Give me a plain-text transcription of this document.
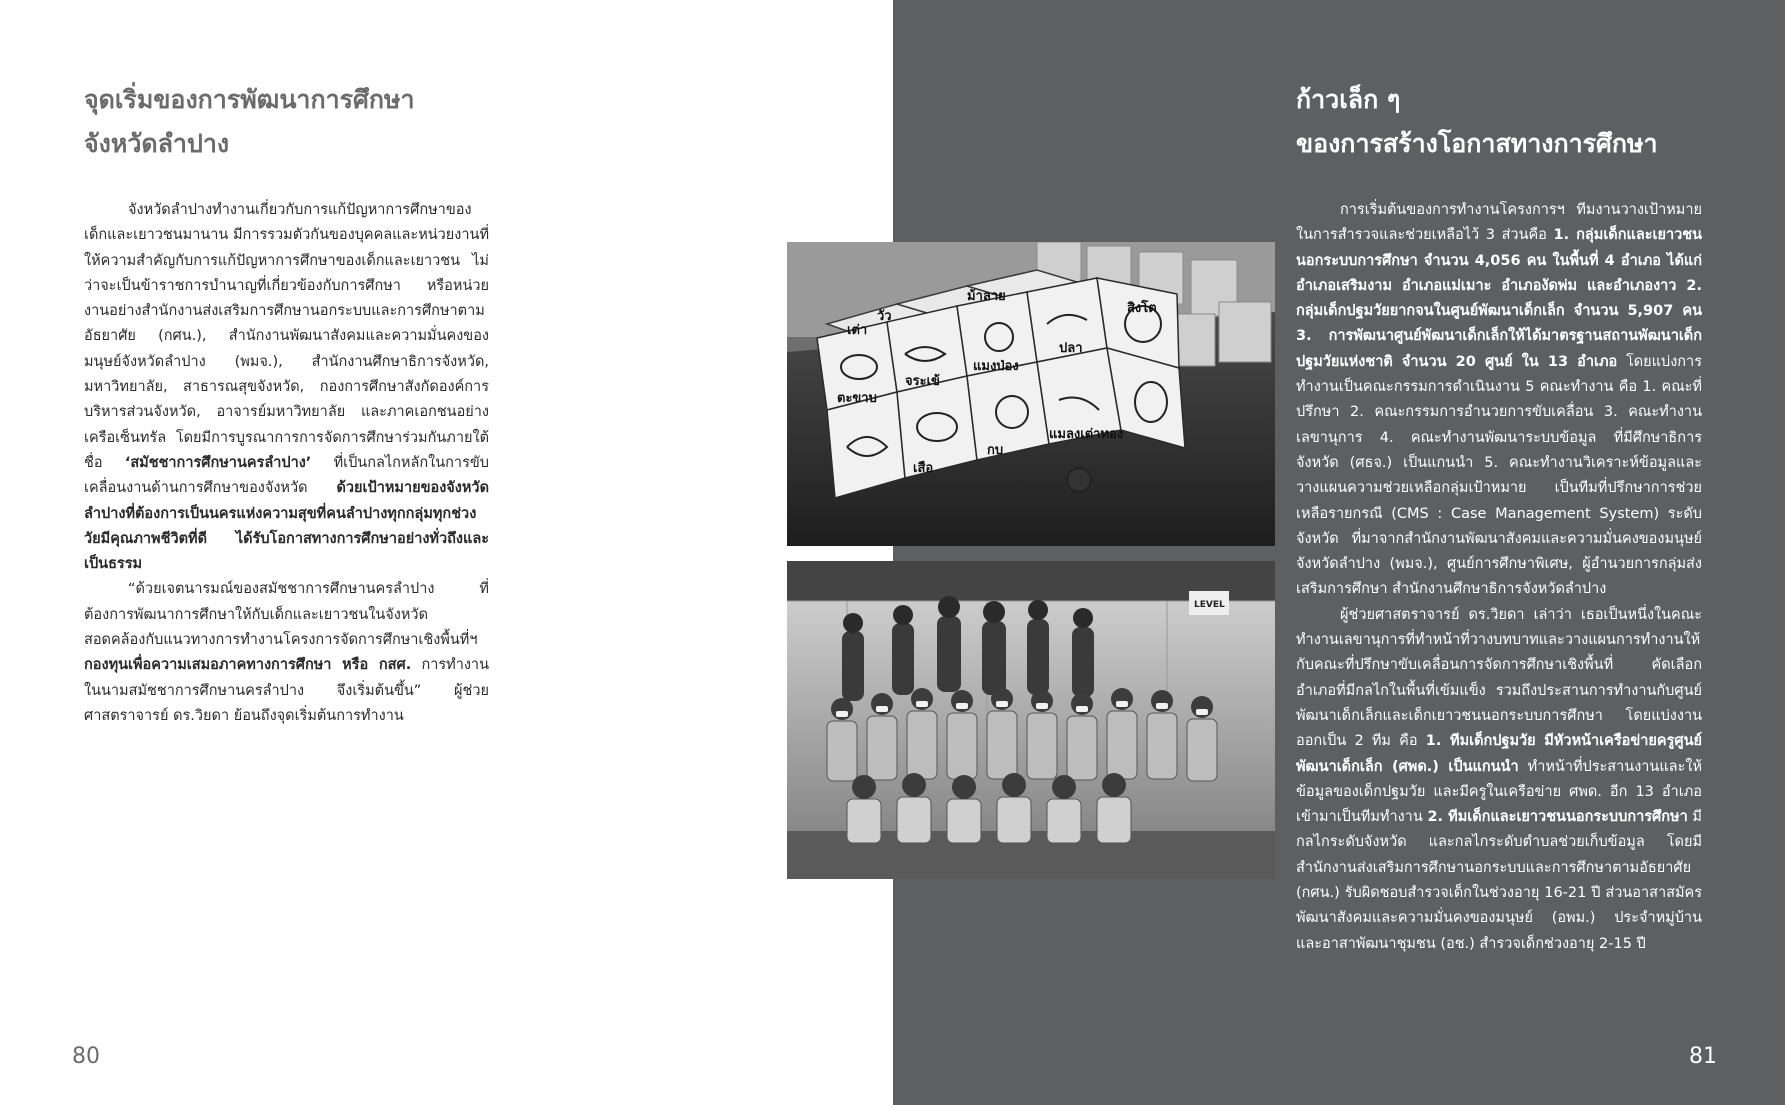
จุดเริ่มของการพัฒนาการศึกษา
จังหวัดลำปาง

จังหวัดลำปางทำงานเกี่ยวกับการแก้ปัญหาการศึกษาของเด็กและเยาวชนมานาน มีการรวมตัวกันของบุคคลและหน่วยงานที่ให้ความสำคัญกับการแก้ปัญหาการศึกษาของเด็กและเยาวชน ไม่ว่าจะเป็นข้าราชการบำนาญที่เกี่ยวข้องกับการศึกษา หรือหน่วยงานอย่างสำนักงานส่งเสริมการศึกษานอกระบบและการศึกษาตามอัธยาศัย (กศน.), สำนักงานพัฒนาสังคมและความมั่นคงของมนุษย์จังหวัดลำปาง (พมจ.), สำนักงานศึกษาธิการจังหวัด, มหาวิทยาลัย, สาธารณสุขจังหวัด, กองการศึกษาสังกัดองค์การบริหารส่วนจังหวัด, อาจารย์มหาวิทยาลัย และภาคเอกชนอย่างเครือเซ็นทรัล โดยมีการบูรณาการการจัดการศึกษาร่วมกันภายใต้ชื่อ ‘สมัชชาการศึกษานครลำปาง’ ที่เป็นกลไกหลักในการขับเคลื่อนงานด้านการศึกษาของจังหวัด ด้วยเป้าหมายของจังหวัดลำปางที่ต้องการเป็นนครแห่งความสุขที่คนลำปางทุกกลุ่มทุกช่วงวัยมีคุณภาพชีวิตที่ดี ได้รับโอกาสทางการศึกษาอย่างทั่วถึงและเป็นธรรม

“ด้วยเจตนารมณ์ของสมัชชาการศึกษานครลำปาง ที่ต้องการพัฒนาการศึกษาให้กับเด็กและเยาวชนในจังหวัด สอดคล้องกับแนวทางการทำงานโครงการจัดการศึกษาเชิงพื้นที่ฯ กองทุนเพื่อความเสมอภาคทางการศึกษา หรือ กสศ. การทำงานในนามสมัชชาการศึกษานครลำปาง จึงเริ่มต้นขึ้น” ผู้ช่วยศาสตราจารย์ ดร.วิยดา ย้อนถึงจุดเริ่มต้นการทำงาน

80
ก้าวเล็ก ๆ
ของการสร้างโอกาสทางการศึกษา

การเริ่มต้นของการทำงานโครงการฯ ทีมงานวางเป้าหมายในการสำรวจและช่วยเหลือไว้ 3 ส่วนคือ 1. กลุ่มเด็กและเยาวชนนอกระบบการศึกษา จำนวน 4,056 คน ในพื้นที่ 4 อำเภอ ได้แก่ อำเภอเสริมงาม อำเภอแม่เมาะ อำเภองัดพ่ม และอำเภองาว 2. กลุ่มเด็กปฐมวัยยากจนในศูนย์พัฒนาเด็กเล็ก จำนวน 5,907 คน 3. การพัฒนาศูนย์พัฒนาเด็กเล็กให้ได้มาตรฐานสถานพัฒนาเด็กปฐมวัยแห่งชาติ จำนวน 20 ศูนย์ ใน 13 อำเภอ โดยแบ่งการทำงานเป็นคณะกรรมการดำเนินงาน 5 คณะทำงาน คือ 1. คณะที่ปรึกษา 2. คณะกรรมการอำนวยการขับเคลื่อน 3. คณะทำงานเลขานุการ 4. คณะทำงานพัฒนาระบบข้อมูล ที่มีศึกษาธิการจังหวัด (ศธจ.) เป็นแกนนำ 5. คณะทำงานวิเคราะห์ข้อมูลและวางแผนความช่วยเหลือกลุ่มเป้าหมาย เป็นทีมที่ปรึกษาการช่วยเหลือรายกรณี (CMS : Case Management System) ระดับจังหวัด ที่มาจากสำนักงานพัฒนาสังคมและความมั่นคงของมนุษย์จังหวัดลำปาง (พมจ.), ศูนย์การศึกษาพิเศษ, ผู้อำนวยการกลุ่มส่งเสริมการศึกษา สำนักงานศึกษาธิการจังหวัดลำปาง

ผู้ช่วยศาสตราจารย์ ดร.วิยดา เล่าว่า เธอเป็นหนึ่งในคณะทำงานเลขานุการที่ทำหน้าที่วางบทบาทและวางแผนการทำงานให้กับคณะที่ปรึกษาขับเคลื่อนการจัดการศึกษาเชิงพื้นที่ คัดเลือกอำเภอที่มีกลไกในพื้นที่เข้มแข็ง รวมถึงประสานการทำงานกับศูนย์พัฒนาเด็กเล็กและเด็กเยาวชนนอกระบบการศึกษา โดยแบ่งงานออกเป็น 2 ทีม คือ 1. ทีมเด็กปฐมวัย มีหัวหน้าเครือข่ายครูศูนย์พัฒนาเด็กเล็ก (ศพด.) เป็นแกนนำ ทำหน้าที่ประสานงานและให้ข้อมูลของเด็กปฐมวัย และมีครูในเครือข่าย ศพด. อีก 13 อำเภอเข้ามาเป็นทีมทำงาน 2. ทีมเด็กและเยาวชนนอกระบบการศึกษา มีกลไกระดับจังหวัด และกลไกระดับตำบลช่วยเก็บข้อมูล โดยมีสำนักงานส่งเสริมการศึกษานอกระบบและการศึกษาตามอัธยาศัย (กศน.) รับผิดชอบสำรวจเด็กในช่วงอายุ 16-21 ปี ส่วนอาสาสมัครพัฒนาสังคมและความมั่นคงของมนุษย์ (อพม.) ประจำหมู่บ้าน และอาสาพัฒนาชุมชน (อช.) สำรวจเด็กช่วงอายุ 2-15 ปี

81
เสือ
กบ
จระเข้
แมงป่อง
สิงโต
ปลา
เต่า
ม้าลาย
แมลงเต่าทอง
ตะขาบ
วัว
LEVEL
